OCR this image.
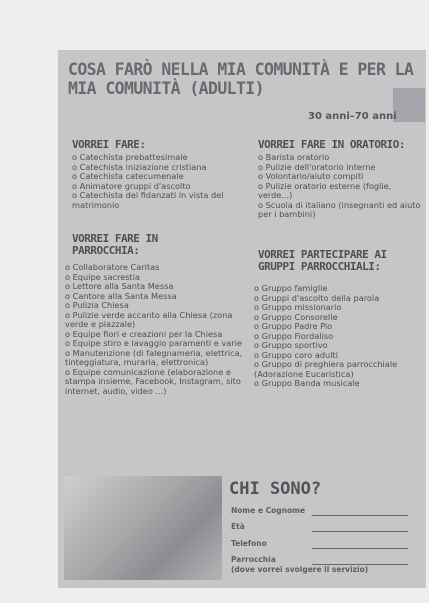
COSA FARÒ NELLA MIA COMUNITÀ E PER LA MIA COMUNITÀ (ADULTI)
30 anni–70 anni
VORREI FARE:
o Catechista prebattesimale
o Catechista iniziazione cristiana
o Catechista catecumenale
o Animatore gruppi d'ascolto
o Catechista dei fidanzati in vista del matrimonio
VORREI FARE IN ORATORIO:
o Barista oratorio
o Pulizie dell'oratorio interne
o Volontario/aiuto compiti
o Pulizie oratorio esterne (foglie, verde...)
o Scuola di italiano (insegnanti ed aiuto per i bambini)
VORREI FARE IN PARROCCHIA:
o Collaboratore Caritas
o Equipe sacrestia
o Lettore alla Santa Messa
o Cantore alla Santa Messa
o Pulizia Chiesa
o Pulizie verde accanto alla Chiesa (zona verde e piazzale)
o Equipe fiori e creazioni per la Chiesa
o Equipe stiro e lavaggio paramenti e varie
o Manutenzione (di falegnameria, elettrica, tinteggiatura, muraria, elettronica)
o Equipe comunicazione (elaborazione e stampa insieme, Facebook, Instagram, sito internet, audio, video ...)
VORREI PARTECIPARE AI GRUPPI PARROCCHIALI:
o Gruppo famiglie
o Gruppi d'ascolto della parola
o Gruppo missionario
o Gruppo Consorelle
o Gruppo Padre Pio
o Gruppo Fiordaliso
o Gruppo sportivo
o Gruppo coro adulti
o Gruppo di preghiera parrocchiale (Adorazione Eucaristica)
o Gruppo Banda musicale
CHI SONO?
Nome e Cognome
Età
Telefono
Parrocchia
(dove vorrei svolgere il servizio)
